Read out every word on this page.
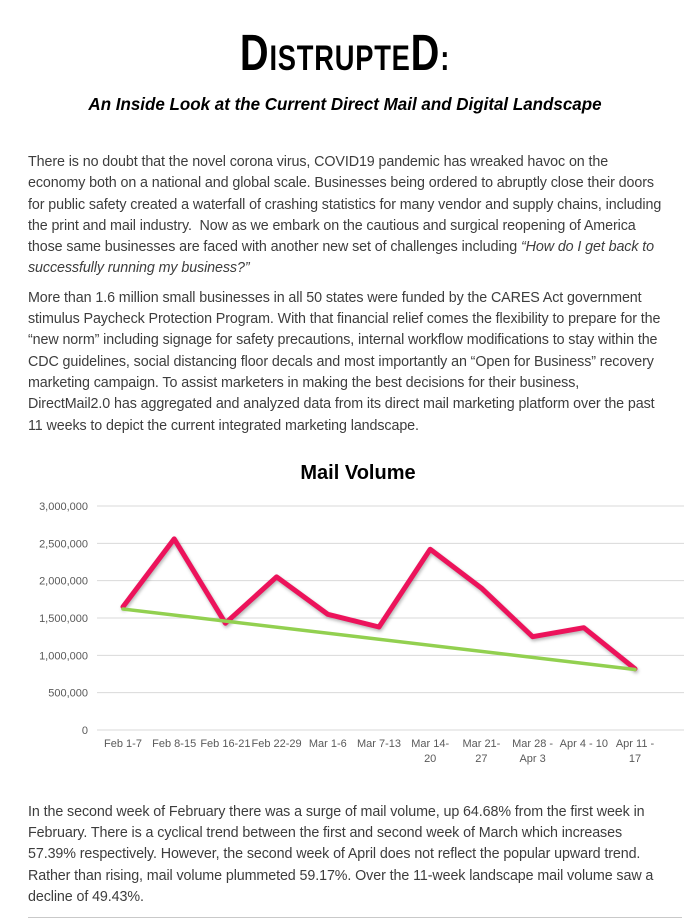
DISTRUPTED:
An Inside Look at the Current Direct Mail and Digital Landscape

There is no doubt that the novel corona virus, COVID19 pandemic has wreaked havoc on the economy both on a national and global scale. Businesses being ordered to abruptly close their doors for public safety created a waterfall of crashing statistics for many vendor and supply chains, including the print and mail industry.  Now as we embark on the cautious and surgical reopening of America those same businesses are faced with another new set of challenges including “How do I get back to successfully running my business?”

More than 1.6 million small businesses in all 50 states were funded by the CARES Act government stimulus Paycheck Protection Program. With that financial relief comes the flexibility to prepare for the “new norm” including signage for safety precautions, internal workflow modifications to stay within the CDC guidelines, social distancing floor decals and most importantly an “Open for Business” recovery marketing campaign. To assist marketers in making the best decisions for their business, DirectMail2.0 has aggregated and analyzed data from its direct mail marketing platform over the past 11 weeks to depict the current integrated marketing landscape.

Mail Volume
0
500,000
1,000,000
1,500,000
2,000,000
2,500,000
3,000,000
Feb 1-7 Feb 8-15 Feb 16-21 Feb 22-29 Mar 1-6 Mar 7-13 Mar 14-20
Mar 21-27
Mar 28 -Apr 3
Apr 4 - 10 Apr 11 -17

In the second week of February there was a surge of mail volume, up 64.68% from the first week in February. There is a cyclical trend between the first and second week of March which increases 57.39% respectively. However, the second week of April does not reflect the popular upward trend. Rather than rising, mail volume plummeted 59.17%. Over the 11-week landscape mail volume saw a decline of 49.43%.
